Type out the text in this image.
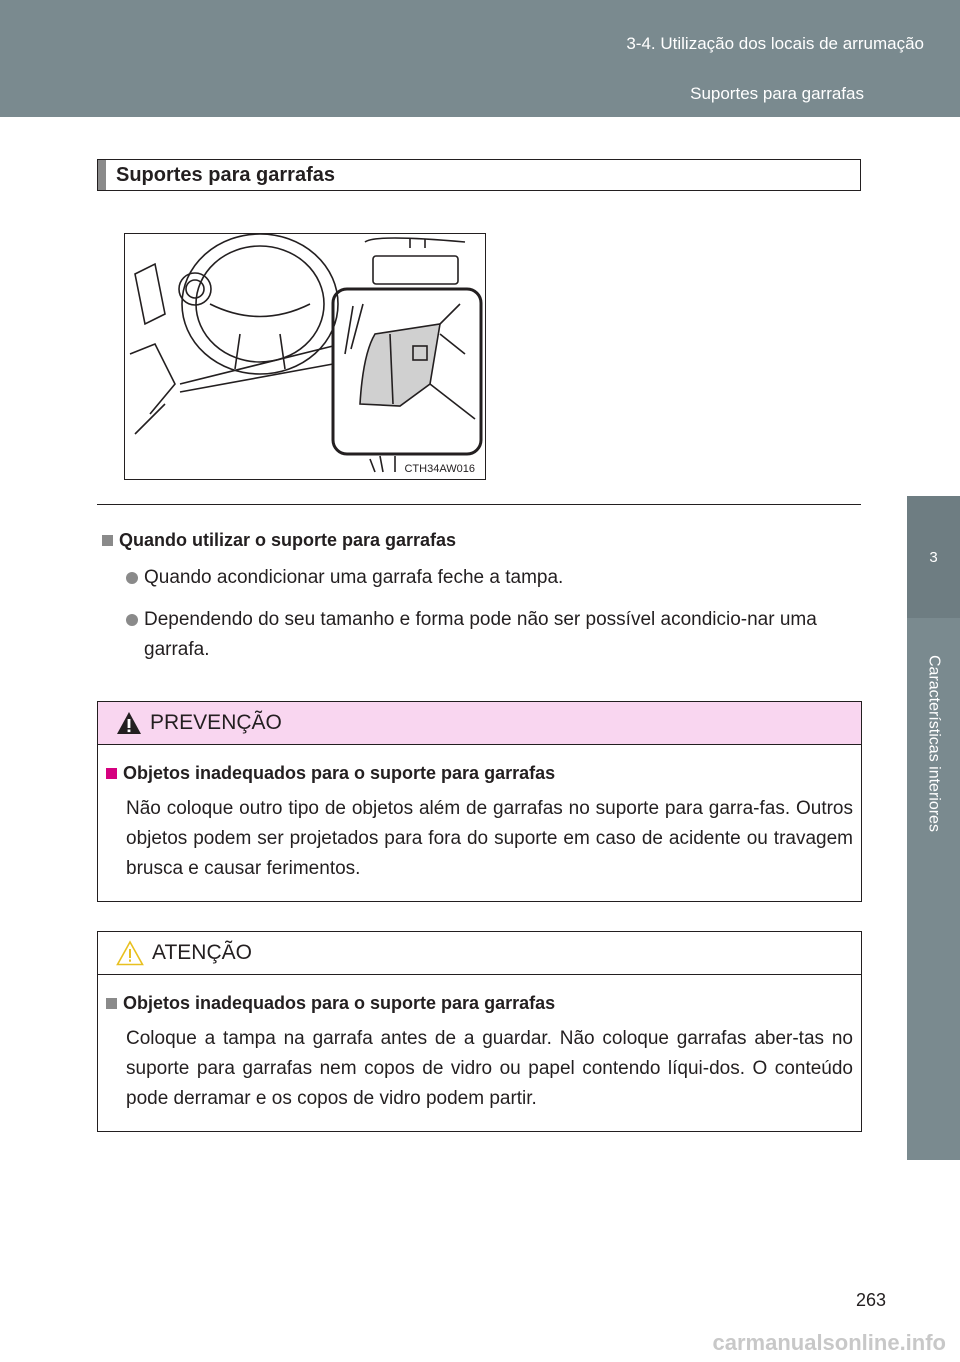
3-4. Utilização dos locais de arrumação
Suportes para garrafas
3
Características interiores
Suportes para garrafas
CTH34AW016
Quando utilizar o suporte para garrafas
Quando acondicionar uma garrafa feche a tampa.
Dependendo do seu tamanho e forma pode não ser possível acondicio-nar uma garrafa.
PREVENÇÃO
Objetos inadequados para o suporte para garrafas
Não coloque outro tipo de objetos além de garrafas no suporte para garra-fas. Outros objetos podem ser projetados para fora do suporte em caso de acidente ou travagem brusca e causar ferimentos.
ATENÇÃO
Objetos inadequados para o suporte para garrafas
Coloque a tampa na garrafa antes de a guardar. Não coloque garrafas aber-tas no suporte para garrafas nem copos de vidro ou papel contendo líqui-dos. O conteúdo pode derramar e os copos de vidro podem partir.
263
carmanualsonline.info
